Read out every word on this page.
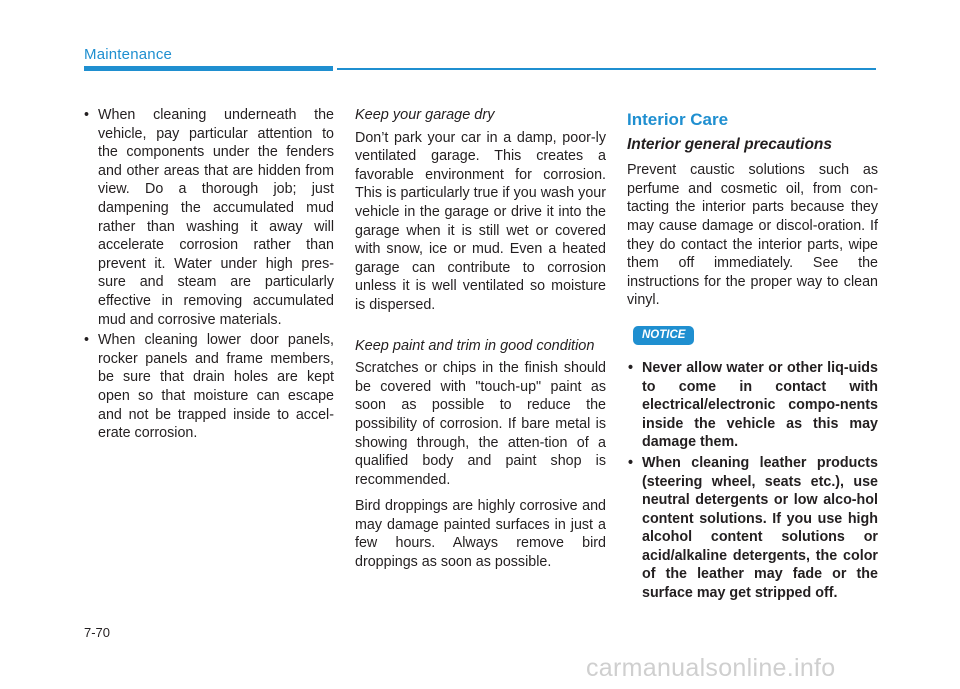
Maintenance
• When cleaning underneath the vehicle, pay particular attention to the components under the fenders and other areas that are hidden from view. Do a thorough job; just dampening the accumulated mud rather than washing it away will accelerate corrosion rather than prevent it. Water under high pres-sure and steam are particularly effective in removing accumulated mud and corrosive materials.
• When cleaning lower door panels, rocker panels and frame members, be sure that drain holes are kept open so that moisture can escape and not be trapped inside to accel-erate corrosion.
Keep your garage dry
Don’t park your car in a damp, poor-ly ventilated garage. This creates a favorable environment for corrosion. This is particularly true if you wash your vehicle in the garage or drive it into the garage when it is still wet or covered with snow, ice or mud. Even a heated garage can contribute to corrosion unless it is well ventilated so moisture is dispersed.
Keep paint and trim in good condition
Scratches or chips in the finish should be covered with "touch-up" paint as soon as possible to reduce the possibility of corrosion. If bare metal is showing through, the atten-tion of a qualified body and paint shop is recommended.
Bird droppings are highly corrosive and may damage painted surfaces in just a few hours. Always remove bird droppings as soon as possible.
Interior Care
Interior general precautions
Prevent caustic solutions such as perfume and cosmetic oil, from con-tacting the interior parts because they may cause damage or discol-oration. If they do contact the interior parts, wipe them off immediately. See the instructions for the proper way to clean vinyl.
NOTICE
• Never allow water or other liq-uids to come in contact with electrical/electronic compo-nents inside the vehicle as this may damage them.
• When cleaning leather products (steering wheel, seats etc.), use neutral detergents or low alco-hol content solutions. If you use high alcohol content solutions or acid/alkaline detergents, the color of the leather may fade or the surface may get stripped off.
7-70
carmanualsonline.info
